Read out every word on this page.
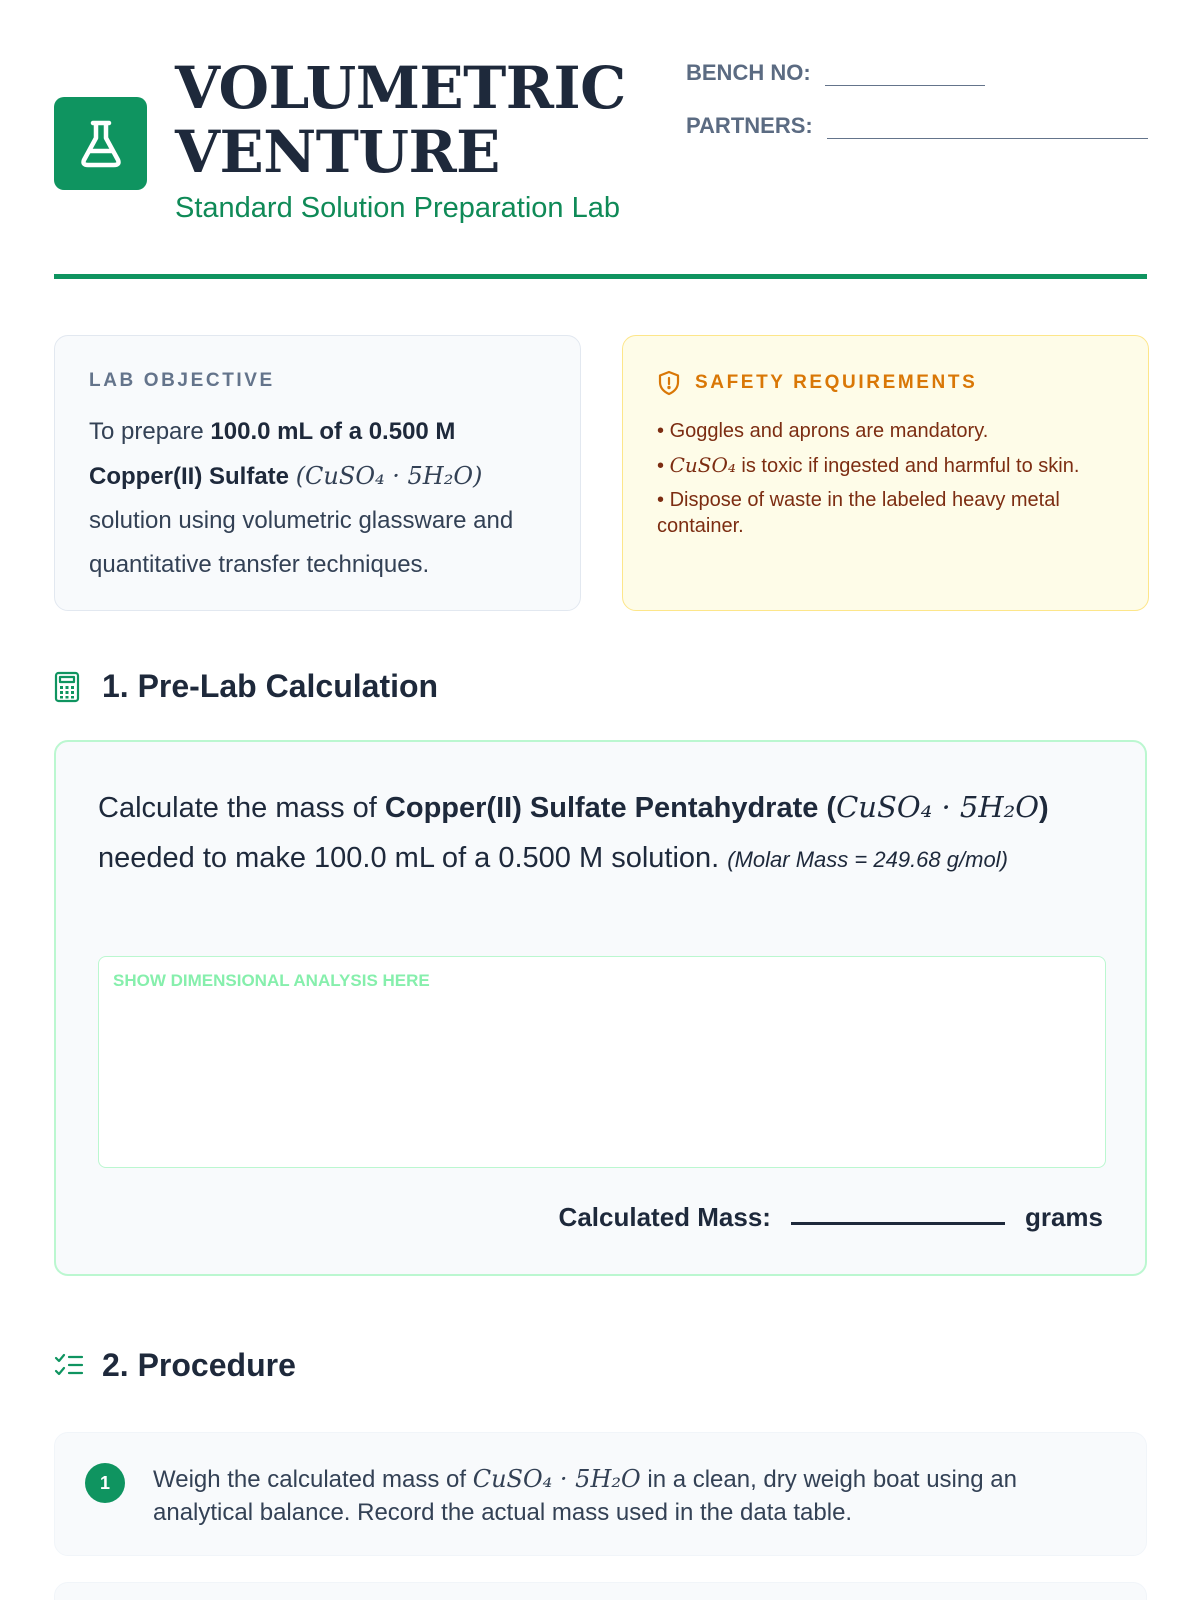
VOLUMETRIC
VENTURE
Standard Solution Preparation Lab
BENCH NO:
PARTNERS:
LAB OBJECTIVE
To prepare 100.0 mL of a 0.500 M Copper(II) Sulfate (CuSO₄ · 5H₂O) solution using volumetric glassware and quantitative transfer techniques.
SAFETY REQUIREMENTS
• Goggles and aprons are mandatory.
• CuSO₄ is toxic if ingested and harmful to skin.
• Dispose of waste in the labeled heavy metal container.
1. Pre-Lab Calculation
Calculate the mass of Copper(II) Sulfate Pentahydrate (CuSO₄ · 5H₂O) needed to make 100.0 mL of a 0.500 M solution. (Molar Mass = 249.68 g/mol)
SHOW DIMENSIONAL ANALYSIS HERE
Calculated Mass:	grams
2. Procedure
1	Weigh the calculated mass of CuSO₄ · 5H₂O in a clean, dry weigh boat using an analytical balance. Record the actual mass used in the data table.
